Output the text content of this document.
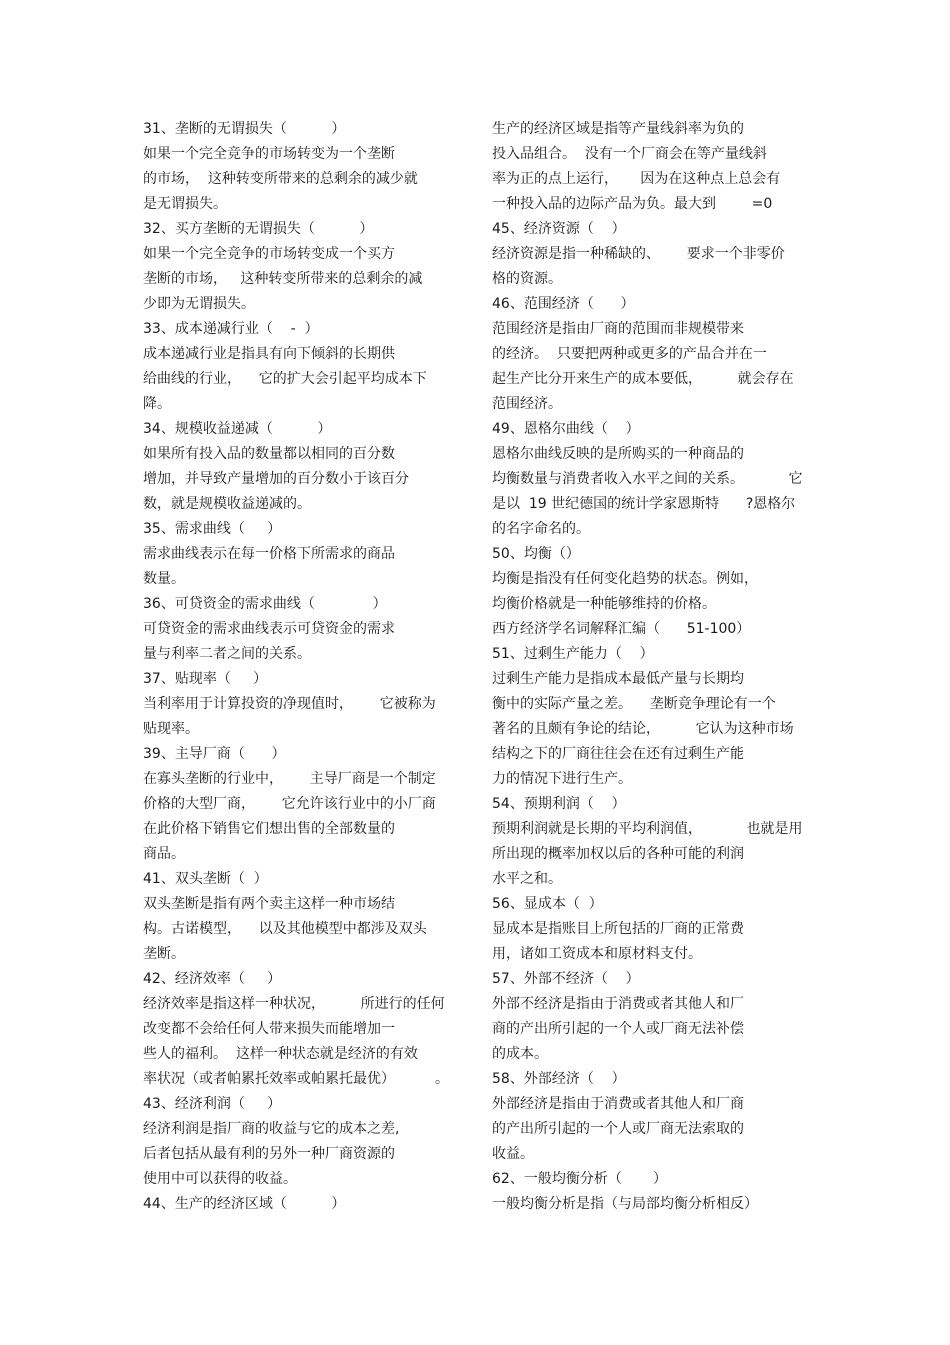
31、垄断的无谓损失（          ）
如果一个完全竞争的市场转变为一个垄断
的市场，  这种转变所带来的总剩余的减少就
是无谓损失。
32、买方垄断的无谓损失（          ）
如果一个完全竞争的市场转变成一个买方
垄断的市场，   这种转变所带来的总剩余的减
少即为无谓损失。
33、成本递减行业（    -  ）
成本递减行业是指具有向下倾斜的长期供
给曲线的行业，    它的扩大会引起平均成本下
降。
34、规模收益递减（          ）
如果所有投入品的数量都以相同的百分数
增加，并导致产量增加的百分数小于该百分
数，就是规模收益递减的。
35、需求曲线（     ）
需求曲线表示在每一价格下所需求的商品
数量。
36、可贷资金的需求曲线（             ）
可贷资金的需求曲线表示可贷资金的需求
量与利率二者之间的关系。
37、贴现率（     ）
当利率用于计算投资的净现值时，      它被称为
贴现率。
39、主导厂商（      ）
在寡头垄断的行业中，      主导厂商是一个制定
价格的大型厂商，      它允许该行业中的小厂商
在此价格下销售它们想出售的全部数量的
商品。
41、双头垄断（  ）
双头垄断是指有两个卖主这样一种市场结
构。古诺模型，    以及其他模型中都涉及双头
垄断。
42、经济效率（     ）
经济效率是指这样一种状况，        所进行的任何
改变都不会给任何人带来损失而能增加一
些人的福利。  这样一种状态就是经济的有效
率状况（或者帕累托效率或帕累托最优）         。
43、经济利润（     ）
经济利润是指厂商的收益与它的成本之差,
后者包括从最有利的另外一种厂商资源的
使用中可以获得的收益。
44、生产的经济区域（          ）
生产的经济区域是指等产量线斜率为负的
投入品组合。  没有一个厂商会在等产量线斜
率为正的点上运行，     因为在这种点上总会有
一种投入品的边际产品为负。最大到        =0
45、经济资源（    ）
经济资源是指一种稀缺的、      要求一个非零价
格的资源。
46、范围经济（      ）
范围经济是指由厂商的范围而非规模带来
的经济。  只要把两种或更多的产品合并在一
起生产比分开来生产的成本要低，        就会存在
范围经济。
49、恩格尔曲线（    ）
恩格尔曲线反映的是所购买的一种商品的
均衡数量与消费者收入水平之间的关系。          它
是以  19 世纪德国的统计学家恩斯特      ?恩格尔
的名字命名的。
50、均衡（）
均衡是指没有任何变化趋势的状态。例如，
均衡价格就是一种能够维持的价格。
西方经济学名词解释汇编（      51-100）
51、过剩生产能力（    ）
过剩生产能力是指成本最低产量与长期均
衡中的实际产量之差。    垄断竞争理论有一个
著名的且颇有争论的结论，        它认为这种市场
结构之下的厂商往往会在还有过剩生产能
力的情况下进行生产。
54、预期利润（    ）
预期利润就是长期的平均利润值，          也就是用
所出现的概率加权以后的各种可能的利润
水平之和。
56、显成本（  ）
显成本是指账目上所包括的厂商的正常费
用，诸如工资成本和原材料支付。
57、外部不经济（    ）
外部不经济是指由于消费或者其他人和厂
商的产出所引起的一个人或厂商无法补偿
的成本。
58、外部经济（    ）
外部经济是指由于消费或者其他人和厂商
的产出所引起的一个人或厂商无法索取的
收益。
62、一般均衡分析（       ）
一般均衡分析是指（与局部均衡分析相反）
